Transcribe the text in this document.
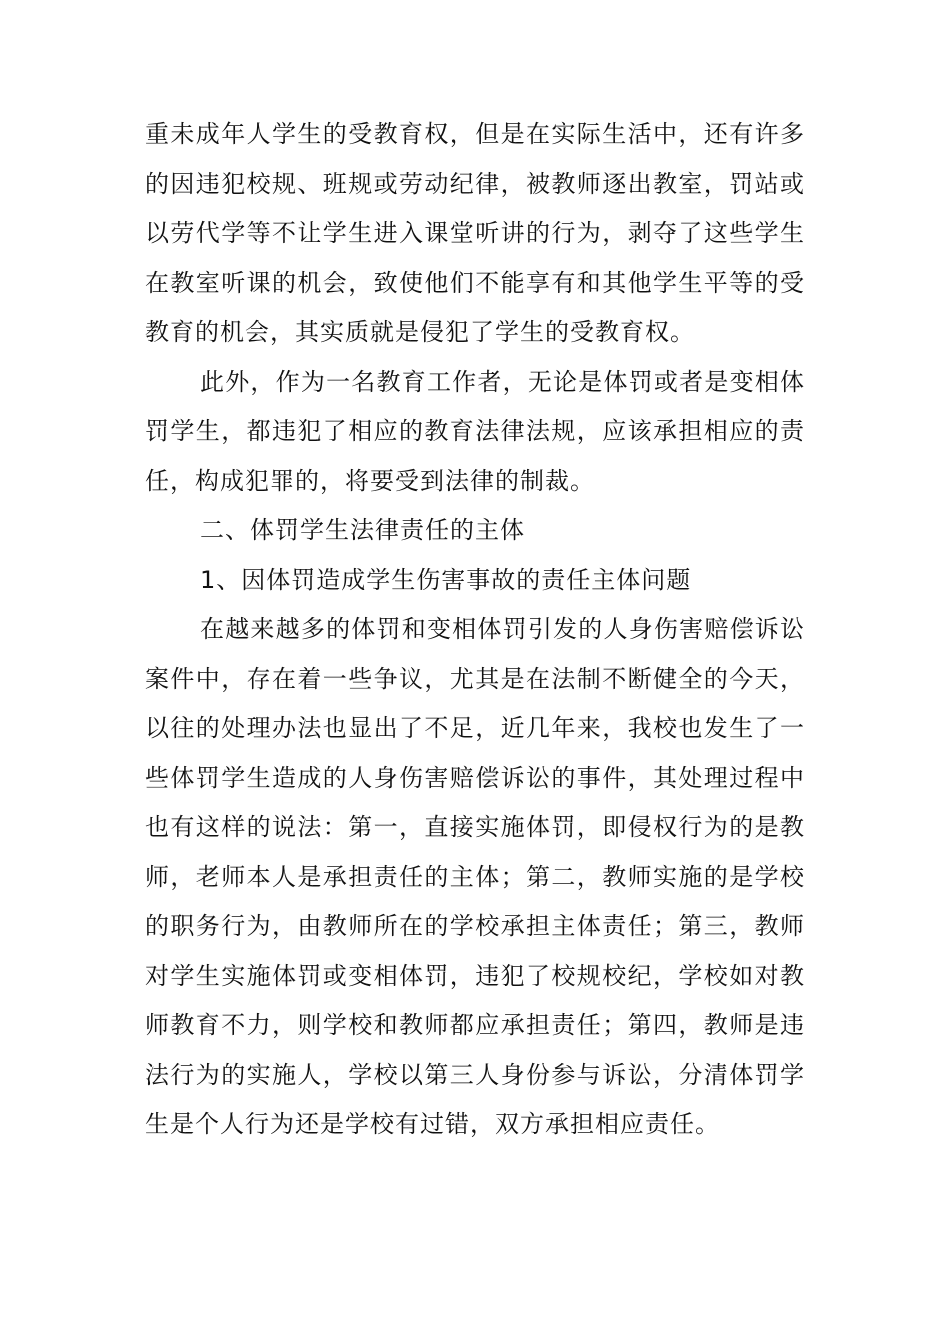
重未成年人学生的受教育权，但是在实际生活中，还有许多的因违犯校规、班规或劳动纪律，被教师逐出教室，罚站或以劳代学等不让学生进入课堂听讲的行为，剥夺了这些学生在教室听课的机会，致使他们不能享有和其他学生平等的受教育的机会，其实质就是侵犯了学生的受教育权。

此外，作为一名教育工作者，无论是体罚或者是变相体罚学生，都违犯了相应的教育法律法规，应该承担相应的责任，构成犯罪的，将要受到法律的制裁。

二、体罚学生法律责任的主体

1、因体罚造成学生伤害事故的责任主体问题

在越来越多的体罚和变相体罚引发的人身伤害赔偿诉讼案件中，存在着一些争议，尤其是在法制不断健全的今天，以往的处理办法也显出了不足，近几年来，我校也发生了一些体罚学生造成的人身伤害赔偿诉讼的事件，其处理过程中也有这样的说法：第一，直接实施体罚，即侵权行为的是教师，老师本人是承担责任的主体；第二，教师实施的是学校的职务行为，由教师所在的学校承担主体责任；第三，教师对学生实施体罚或变相体罚，违犯了校规校纪，学校如对教师教育不力，则学校和教师都应承担责任；第四，教师是违法行为的实施人，学校以第三人身份参与诉讼，分清体罚学生是个人行为还是学校有过错，双方承担相应责任。
